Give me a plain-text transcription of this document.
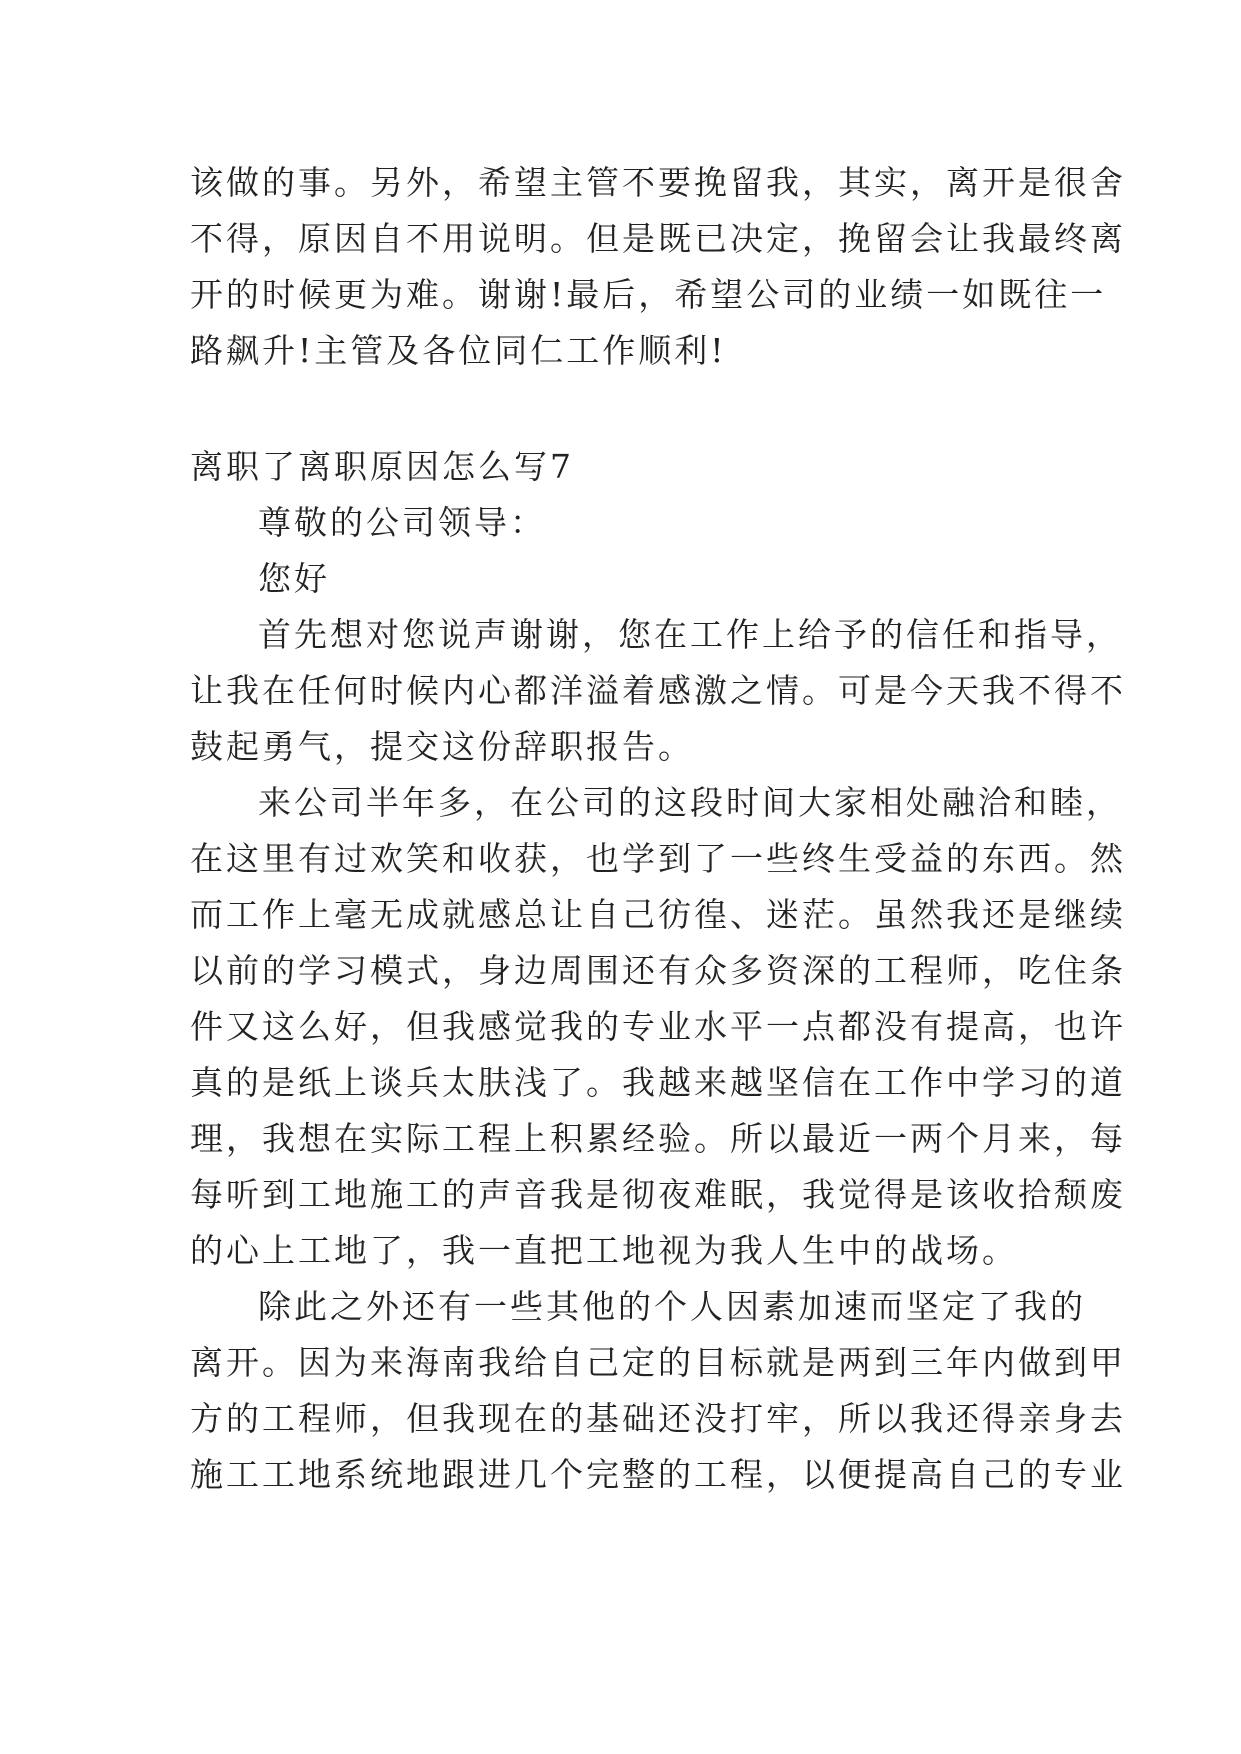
该做的事。另外，希望主管不要挽留我，其实，离开是很舍
不得，原因自不用说明。但是既已决定，挽留会让我最终离
开的时候更为难。谢谢!最后，希望公司的业绩一如既往一
路飙升!主管及各位同仁工作顺利!
离职了离职原因怎么写7
尊敬的公司领导：
您好
首先想对您说声谢谢，您在工作上给予的信任和指导，
让我在任何时候内心都洋溢着感激之情。可是今天我不得不
鼓起勇气，提交这份辞职报告。
来公司半年多，在公司的这段时间大家相处融洽和睦，
在这里有过欢笑和收获，也学到了一些终生受益的东西。然
而工作上毫无成就感总让自己彷徨、迷茫。虽然我还是继续
以前的学习模式，身边周围还有众多资深的工程师，吃住条
件又这么好，但我感觉我的专业水平一点都没有提高，也许
真的是纸上谈兵太肤浅了。我越来越坚信在工作中学习的道
理，我想在实际工程上积累经验。所以最近一两个月来，每
每听到工地施工的声音我是彻夜难眠，我觉得是该收拾颓废
的心上工地了，我一直把工地视为我人生中的战场。
除此之外还有一些其他的个人因素加速而坚定了我的
离开。因为来海南我给自己定的目标就是两到三年内做到甲
方的工程师，但我现在的基础还没打牢，所以我还得亲身去
施工工地系统地跟进几个完整的工程，以便提高自己的专业
